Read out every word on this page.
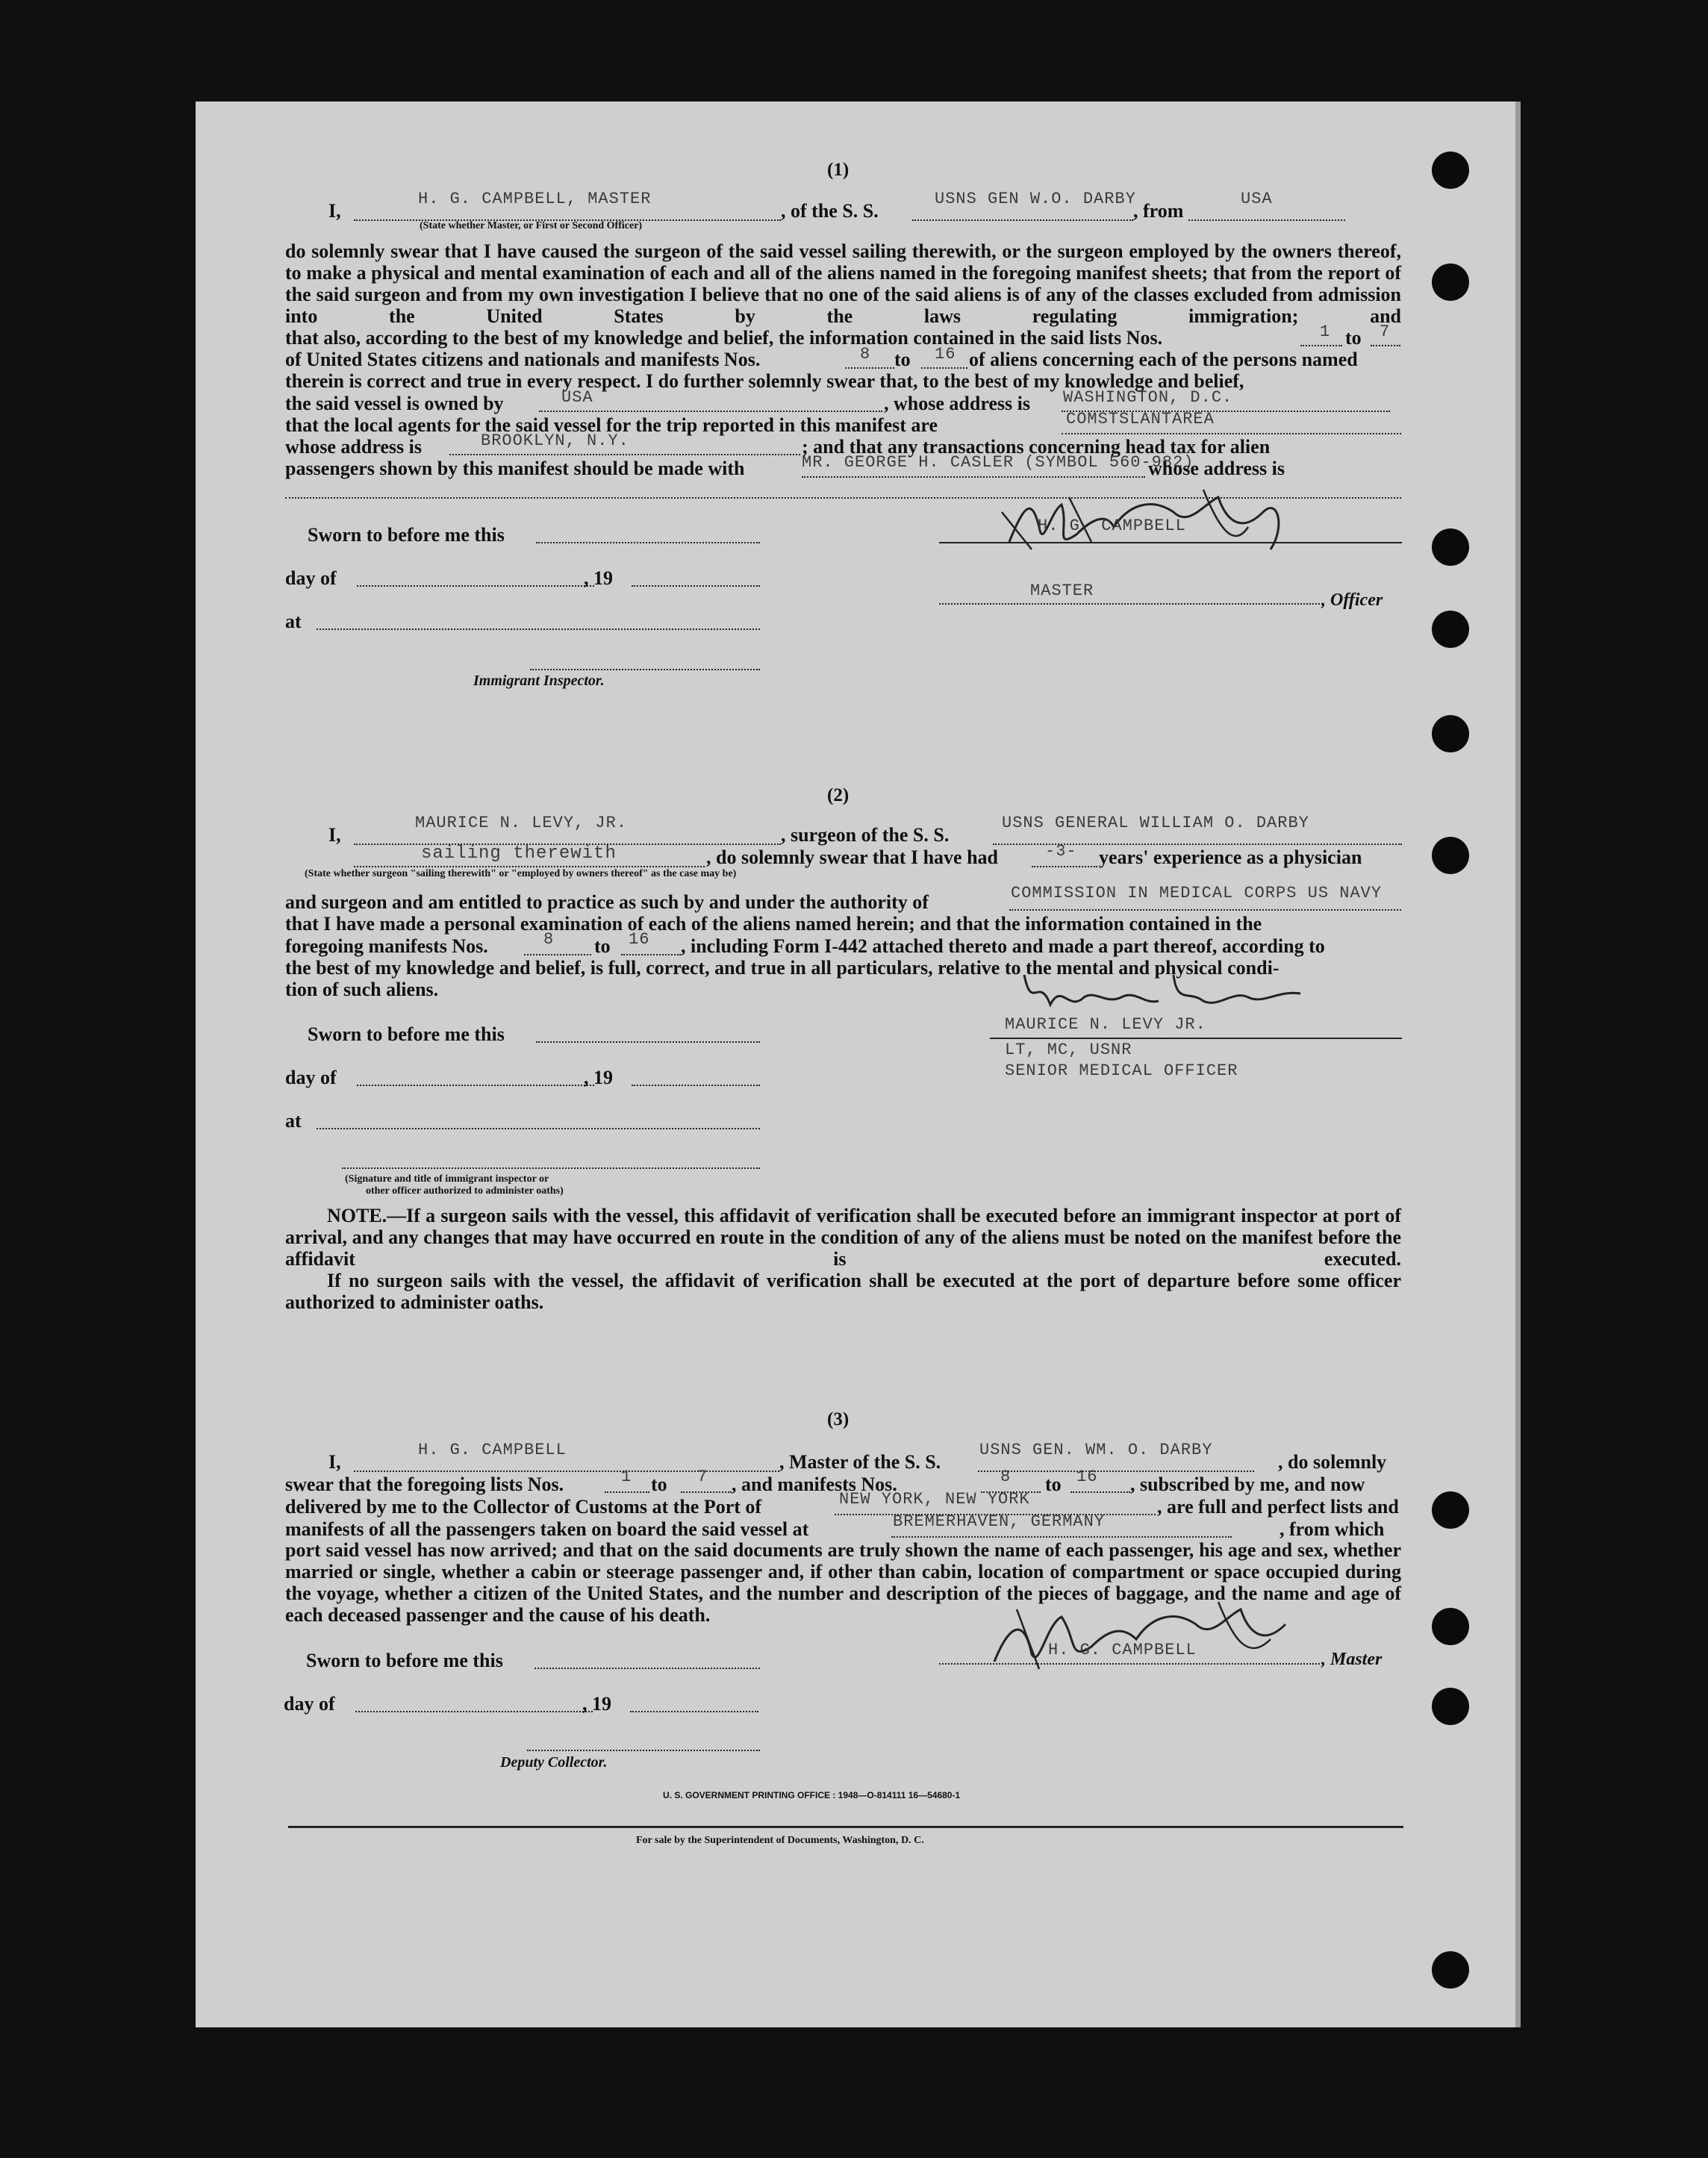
(1)
I,
H. G. CAMPBELL, MASTER
, of the S. S.
USNS GEN W.O. DARBY
, from
USA
(State whether Master, or First or Second Officer)
do solemnly swear that I have caused the surgeon of the said vessel sailing therewith, or the surgeon employed by the owners thereof, to make a physical and mental examination of each and all of the aliens named in the foregoing manifest sheets; that from the report of the said surgeon and from my own investigation I believe that no one of the said aliens is of any of the classes excluded from admission into the United States by the laws regulating immigration; and
that also, according to the best of my knowledge and belief, the information contained in the said lists Nos.	1 to 7
of United States citizens and nationals and manifests Nos.	8 to 16 of aliens concerning each of the persons named
therein is correct and true in every respect. I do further solemnly swear that, to the best of my knowledge and belief,
the said vessel is owned by	USA	, whose address is WASHINGTON, D.C.
that the local agents for the said vessel for the trip reported in this manifest are	COMSTSLANTAREA
whose address is	BROOKLYN, N.Y.	; and that any transactions concerning head tax for alien
passengers shown by this manifest should be made with	MR. GEORGE H. CASLER (SYMBOL 560-982)
whose address is
Sworn to before me this
day of	, 19
at
Immigrant Inspector.
H. G. CAMPBELL
MASTER	, Officer
(2)
I,
MAURICE N. LEVY, JR.
, surgeon of the S. S.
USNS GENERAL WILLIAM O. DARBY
sailing therewith	, do solemnly swear that I have had	-3- years' experience as a physician
(State whether surgeon "sailing therewith" or "employed by owners thereof" as the case may be)
and surgeon and am entitled to practice as such by and under the authority of	COMMISSION IN MEDICAL CORPS US NAVY
that I have made a personal examination of each of the aliens named herein; and that the information contained in the
foregoing manifests Nos.	8 to 16 , including Form I-442 attached thereto and made a part thereof, according to
the best of my knowledge and belief, is full, correct, and true in all particulars, relative to the mental and physical condi-
tion of such aliens.
Sworn to before me this
day of	, 19
at
(Signature and title of immigrant inspector or
other officer authorized to administer oaths)
MAURICE N. LEVY JR.
LT, MC, USNR
SENIOR MEDICAL OFFICER
NOTE.—If a surgeon sails with the vessel, this affidavit of verification shall be executed before an immigrant inspector at port of arrival, and any changes that may have occurred en route in the condition of any of the aliens must be noted on the manifest before the affidavit is executed.
If no surgeon sails with the vessel, the affidavit of verification shall be executed at the port of departure before some officer authorized to administer oaths.
(3)
I,
H. G. CAMPBELL
, Master of the S. S.
USNS GEN. WM. O. DARBY
, do solemnly
swear that the foregoing lists Nos.	1 to 7 , and manifests Nos.	8 to 16 , subscribed by me, and now
delivered by me to the Collector of Customs at the Port of	NEW YORK, NEW YORK	, are full and perfect lists and
manifests of all the passengers taken on board the said vessel at	BREMERHAVEN, GERMANY	, from which
port said vessel has now arrived; and that on the said documents are truly shown the name of each passenger, his age and sex, whether married or single, whether a cabin or steerage passenger and, if other than cabin, location of compartment or space occupied during the voyage, whether a citizen of the United States, and the number and description of the pieces of baggage, and the name and age of each deceased passenger and the cause of his death.
Sworn to before me this
day of	, 19
Deputy Collector.
H. G. CAMPBELL	, Master
U. S. GOVERNMENT PRINTING OFFICE : 1948—O-814111 16—54680-1
For sale by the Superintendent of Documents, Washington, D. C.
